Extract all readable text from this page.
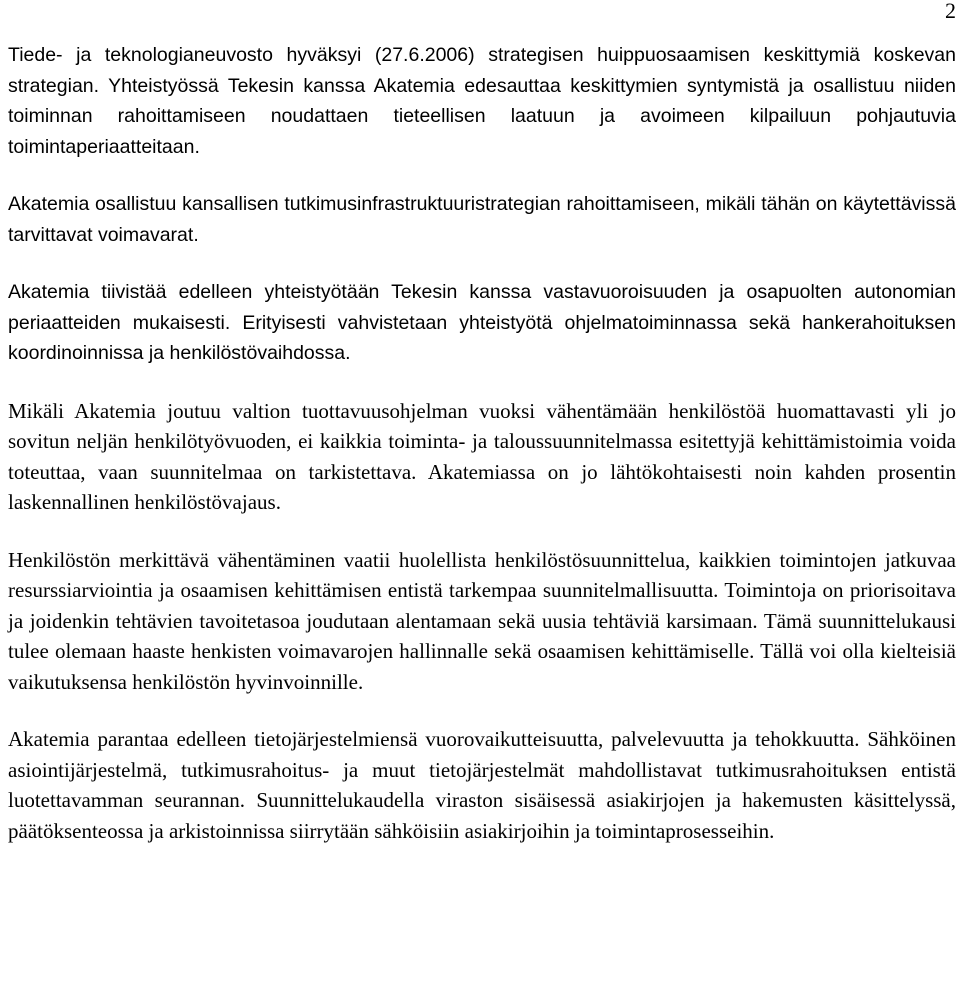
2

Tiede- ja teknologianeuvosto hyväksyi (27.6.2006) strategisen huippuosaamisen keskittymiä koskevan strategian. Yhteistyössä Tekesin kanssa Akatemia edesauttaa keskittymien syntymistä ja osallistuu niiden toiminnan rahoittamiseen noudattaen tieteellisen laatuun ja avoimeen kilpailuun pohjautuvia toimintaperiaatteitaan.

Akatemia osallistuu kansallisen tutkimusinfrastruktuuristrategian rahoittamiseen, mikäli tähän on käytettävissä tarvittavat voimavarat.

Akatemia tiivistää edelleen yhteistyötään Tekesin kanssa vastavuoroisuuden ja osapuolten autonomian periaatteiden mukaisesti. Erityisesti vahvistetaan yhteistyötä ohjelmatoiminnassa sekä hankerahoituksen koordinoinnissa ja henkilöstövaihdossa.

Mikäli Akatemia joutuu valtion tuottavuusohjelman vuoksi vähentämään henkilöstöä huomattavasti yli jo sovitun neljän henkilötyövuoden, ei kaikkia toiminta- ja taloussuunnitelmassa esitettyjä kehittämistoimia voida toteuttaa, vaan suunnitelmaa on tarkistettava. Akatemiassa on jo lähtökohtaisesti noin kahden prosentin laskennallinen henkilöstövajaus.

Henkilöstön merkittävä vähentäminen vaatii huolellista henkilöstösuunnittelua, kaikkien toimintojen jatkuvaa resurssiarviointia ja osaamisen kehittämisen entistä tarkempaa suunnitelmallisuutta. Toimintoja on priorisoitava ja joidenkin tehtävien tavoitetasoa joudutaan alentamaan sekä uusia tehtäviä karsimaan. Tämä suunnittelukausi tulee olemaan haaste henkisten voimavarojen hallinnalle sekä osaamisen kehittämiselle. Tällä voi olla kielteisiä vaikutuksensa henkilöstön hyvinvoinnille.

Akatemia parantaa edelleen tietojärjestelmiensä vuorovaikutteisuutta, palvelevuutta ja tehokkuutta. Sähköinen asiointijärjestelmä, tutkimusrahoitus- ja muut tietojärjestelmät mahdollistavat tutkimusrahoituksen entistä luotettavamman seurannan. Suunnittelukaudella viraston sisäisessä asiakirjojen ja hakemusten käsittelyssä, päätöksenteossa ja arkistoinnissa siirrytään sähköisiin asiakirjoihin ja toimintaprosesseihin.
